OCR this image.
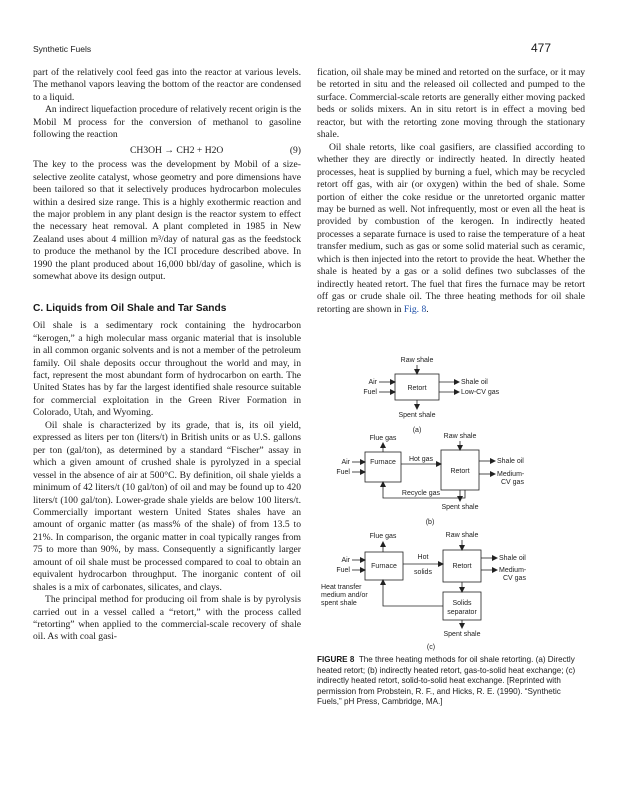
Synthetic Fuels	477

part of the relatively cool feed gas into the reactor at various levels. The methanol vapors leaving the bottom of the reactor are condensed to a liquid.

An indirect liquefaction procedure of relatively recent origin is the Mobil M process for the conversion of methanol to gasoline following the reaction

CH3OH → CH2 + H2O	(9)

The key to the process was the development by Mobil of a size-selective zeolite catalyst, whose geometry and pore dimensions have been tailored so that it selectively produces hydrocarbon molecules within a desired size range. This is a highly exothermic reaction and the major problem in any plant design is the reactor system to effect the necessary heat removal. A plant completed in 1985 in New Zealand uses about 4 million m³/day of natural gas as the feedstock to produce the methanol by the ICI procedure described above. In 1990 the plant produced about 16,000 bbl/day of gasoline, which is somewhat above its design output.

C. Liquids from Oil Shale and Tar Sands

Oil shale is a sedimentary rock containing the hydrocarbon “kerogen,” a high molecular mass organic material that is insoluble in all common organic solvents and is not a member of the petroleum family. Oil shale deposits occur throughout the world and may, in fact, represent the most abundant form of hydrocarbon on earth. The United States has by far the largest identified shale resource suitable for commercial exploitation in the Green River Formation in Colorado, Utah, and Wyoming.

Oil shale is characterized by its grade, that is, its oil yield, expressed as liters per ton (liters/t) in British units or as U.S. gallons per ton (gal/ton), as determined by a standard “Fischer” assay in which a given amount of crushed shale is pyrolyzed in a special vessel in the absence of air at 500°C. By definition, oil shale yields a minimum of 42 liters/t (10 gal/ton) of oil and may be found up to 420 liters/t (100 gal/ton). Lower-grade shale yields are below 100 liters/t. Commercially important western United States shales have an amount of organic matter (as mass% of the shale) of from 13.5 to 21%. In comparison, the organic matter in coal typically ranges from 75 to more than 90%, by mass. Consequently a significantly larger amount of oil shale must be processed compared to coal to obtain an equivalent hydrocarbon throughput. The inorganic content of oil shales is a mix of carbonates, silicates, and clays.

The principal method for producing oil from shale is by pyrolysis carried out in a vessel called a “retort,” with the process called “retorting” when applied to the commercial-scale recovery of shale oil. As with coal gasi-

fication, oil shale may be mined and retorted on the surface, or it may be retorted in situ and the released oil collected and pumped to the surface. Commercial-scale retorts are generally either moving packed beds or solids mixers. An in situ retort is in effect a moving bed reactor, but with the retorting zone moving through the stationary shale.

Oil shale retorts, like coal gasifiers, are classified according to whether they are directly or indirectly heated. In directly heated processes, heat is supplied by burning a fuel, which may be recycled retort off gas, with air (or oxygen) within the bed of shale. Some portion of either the coke residue or the unretorted organic matter may be burned as well. Not infrequently, most or even all the heat is provided by combustion of the kerogen. In indirectly heated processes a separate furnace is used to raise the temperature of a heat transfer medium, such as gas or some solid material such as ceramic, which is then injected into the retort to provide the heat. Whether the shale is heated by a gas or a solid defines two subclasses of the indirectly heated retort. The fuel that fires the furnace may be retort off gas or crude shale oil. The three heating methods for oil shale retorting are shown in Fig. 8.

Raw shale
Air
Fuel
Retort
Shale oil
Low-CV gas
Spent shale
(a)
Flue gas	Raw shale
Air
Fuel
Furnace Hot gas
Retort
Shale oil
Medium-
CV gas
Recycle gas
Spent shale
(b)
Flue gas	Raw shale
Air
Fuel
Furnace
Hot
solids
Retort
Shale oil
Medium-
CV gas
Heat transfer
medium and/or
spent shale	Solids
separator
Spent shale
(c)
FIGURE 8 The three heating methods for oil shale retorting. (a) Directly heated retort; (b) indirectly heated retort, gas-to-solid heat exchange; (c) indirectly heated retort, solid-to-solid heat exchange. [Reprinted with permission from Probstein, R. F., and Hicks, R. E. (1990). “Synthetic Fuels,” pH Press, Cambridge, MA.]
